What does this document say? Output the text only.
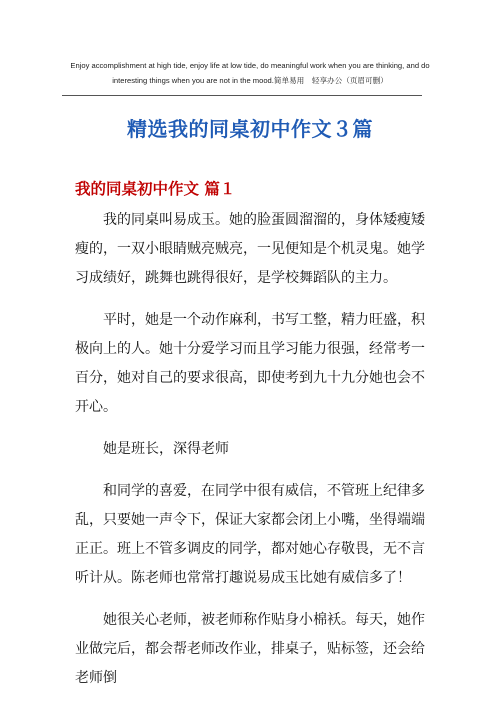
Enjoy accomplishment at high tide, enjoy life at low tide, do meaningful work when you are thinking, and do
interesting things when you are not in the mood.简单易用　轻享办公（页眉可删）
精选我的同桌初中作文３篇
我的同桌初中作文 篇１

我的同桌叫易成玉。她的脸蛋圆溜溜的，身体矮瘦矮瘦的，一双小眼睛贼亮贼亮，一见便知是个机灵鬼。她学习成绩好，跳舞也跳得很好，是学校舞蹈队的主力。

平时，她是一个动作麻利，书写工整，精力旺盛，积极向上的人。她十分爱学习而且学习能力很强，经常考一百分，她对自己的要求很高，即使考到九十九分她也会不开心。

她是班长，深得老师

和同学的喜爱，在同学中很有威信，不管班上纪律多乱，只要她一声令下，保证大家都会闭上小嘴，坐得端端正正。班上不管多调皮的同学，都对她心存敬畏，无不言听计从。陈老师也常常打趣说易成玉比她有威信多了！

她很关心老师，被老师称作贴身小棉袄。每天，她作业做完后，都会帮老师改作业，排桌子，贴标签，还会给老师倒
